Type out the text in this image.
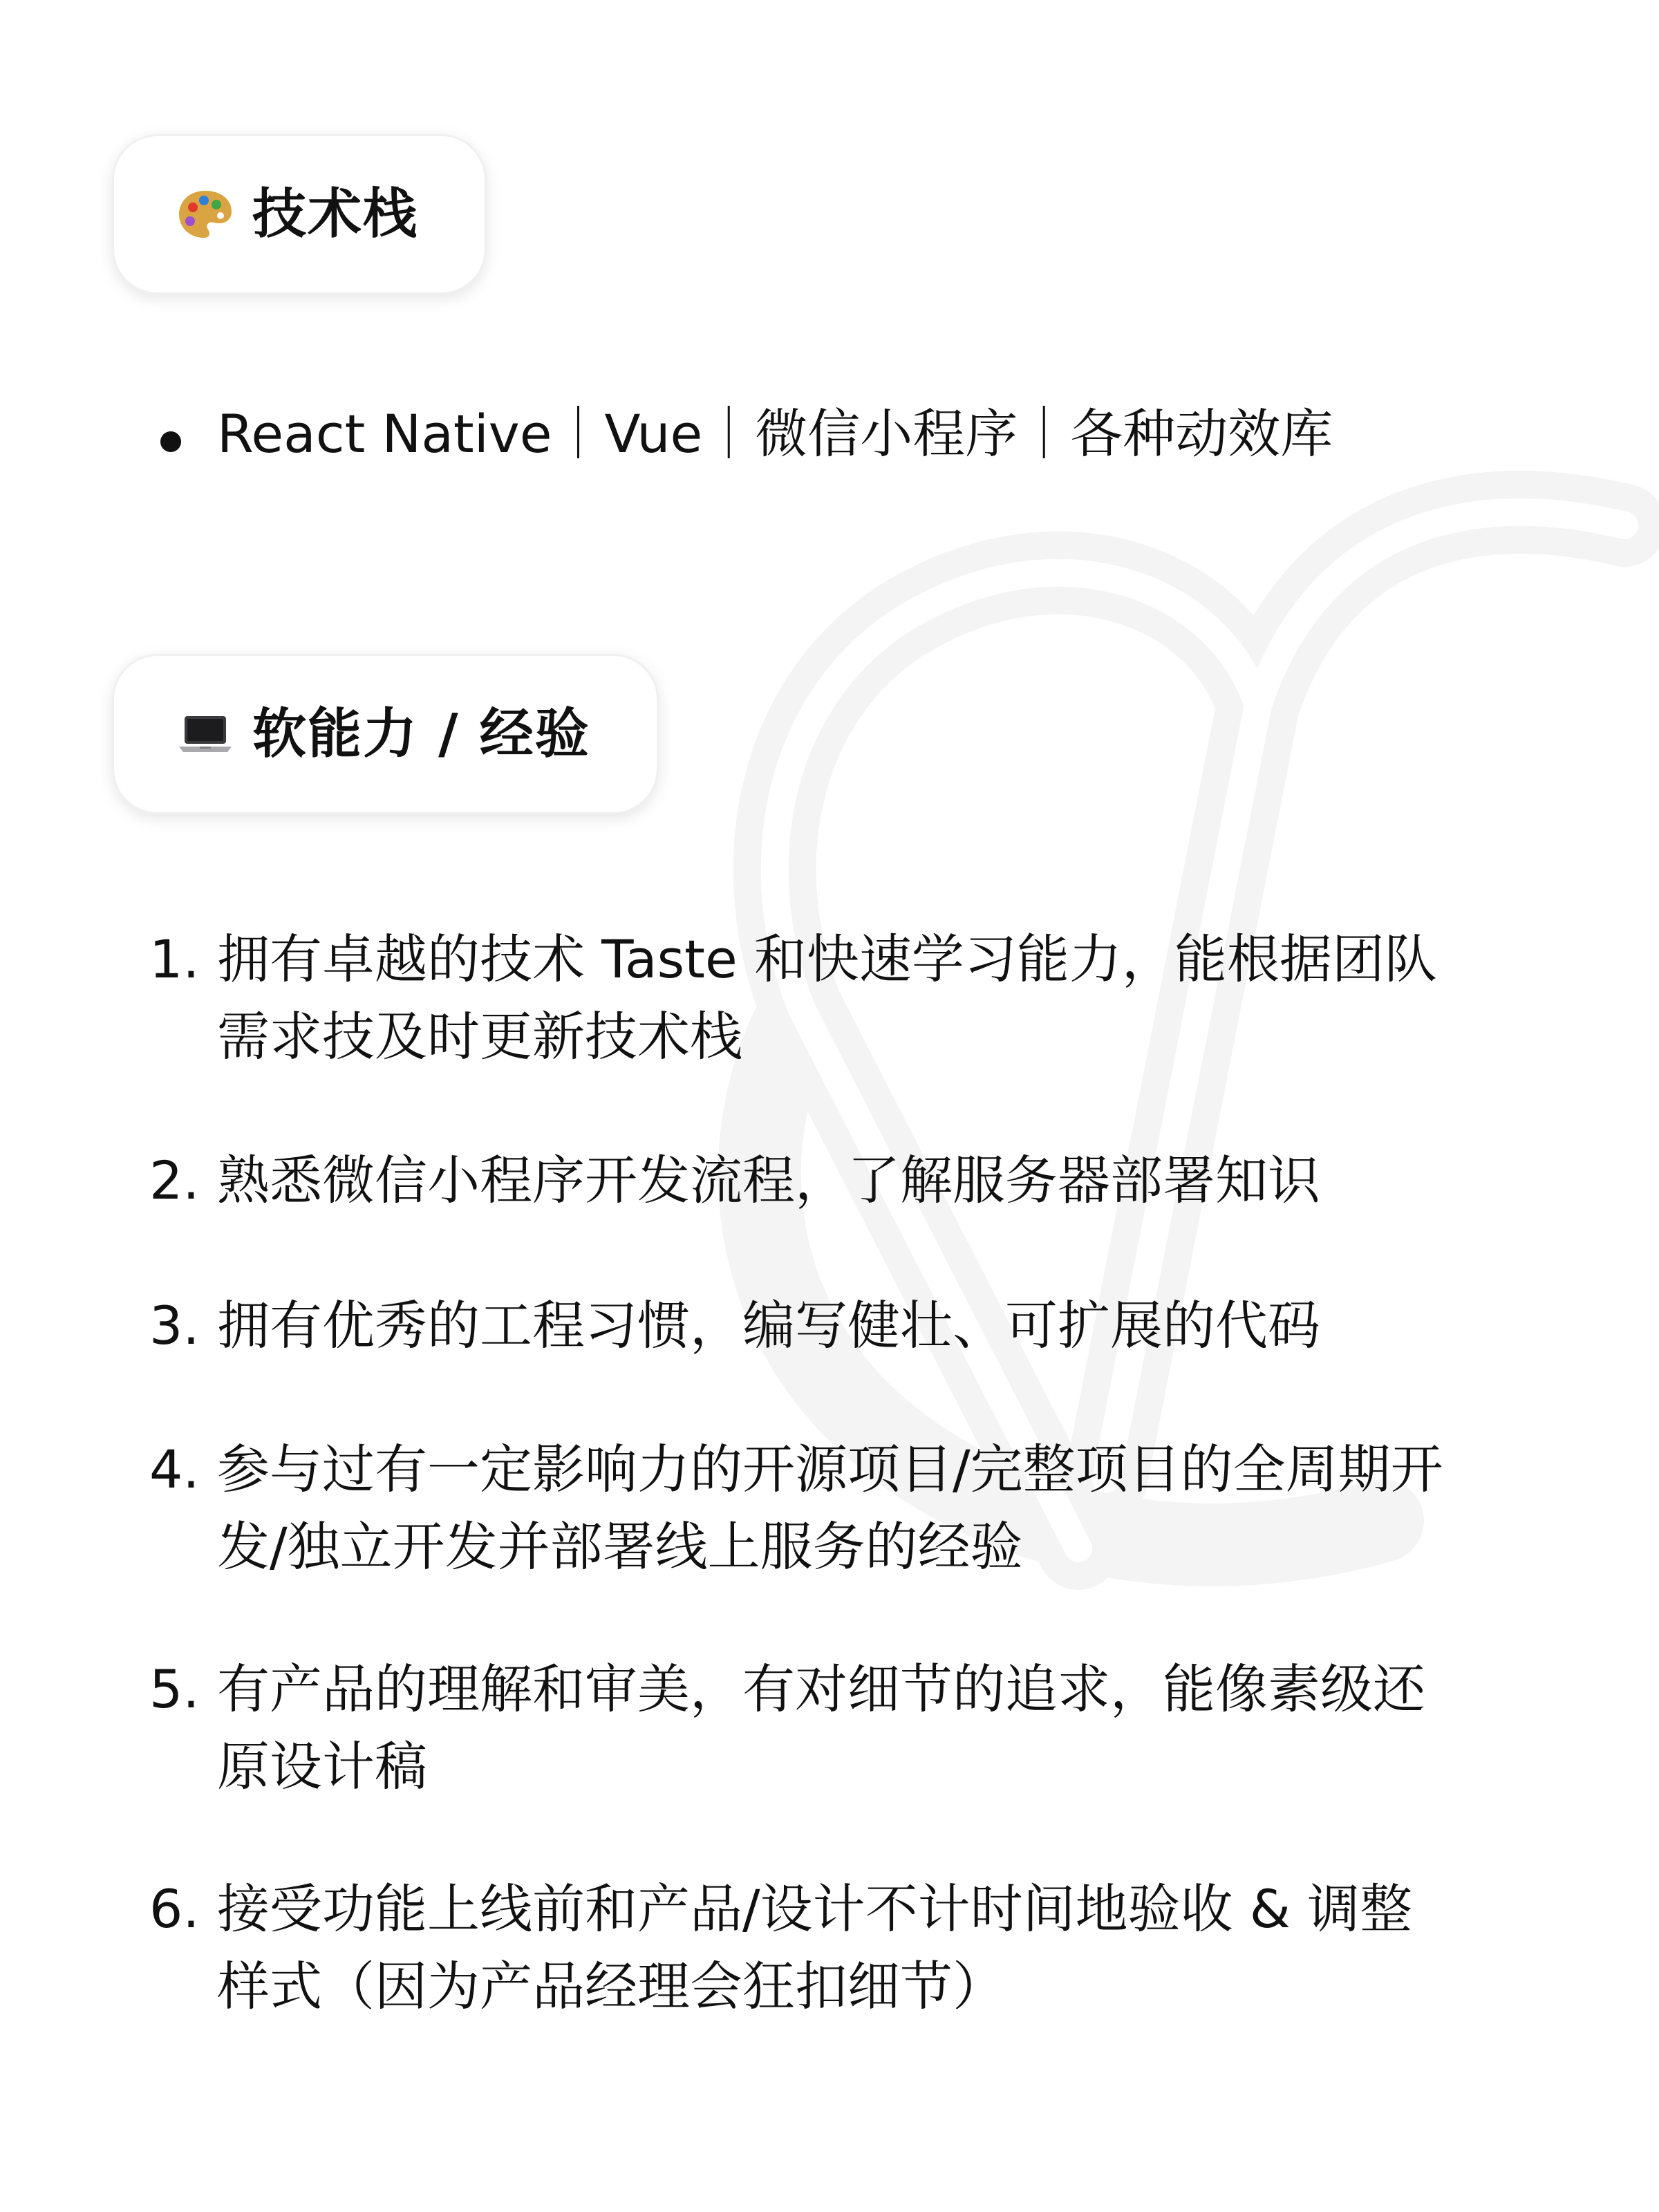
技术栈
React Native｜Vue｜微信小程序｜各种动效库
软能力 / 经验
1. 拥有卓越的技术 Taste 和快速学习能力，能根据团队
需求技及时更新技术栈
2. 熟悉微信小程序开发流程，了解服务器部署知识
3. 拥有优秀的工程习惯，编写健壮、可扩展的代码
4. 参与过有一定影响力的开源项目/完整项目的全周期开
发/独立开发并部署线上服务的经验
5. 有产品的理解和审美，有对细节的追求，能像素级还
原设计稿
6. 接受功能上线前和产品/设计不计时间地验收 & 调整
样式（因为产品经理会狂扣细节）
